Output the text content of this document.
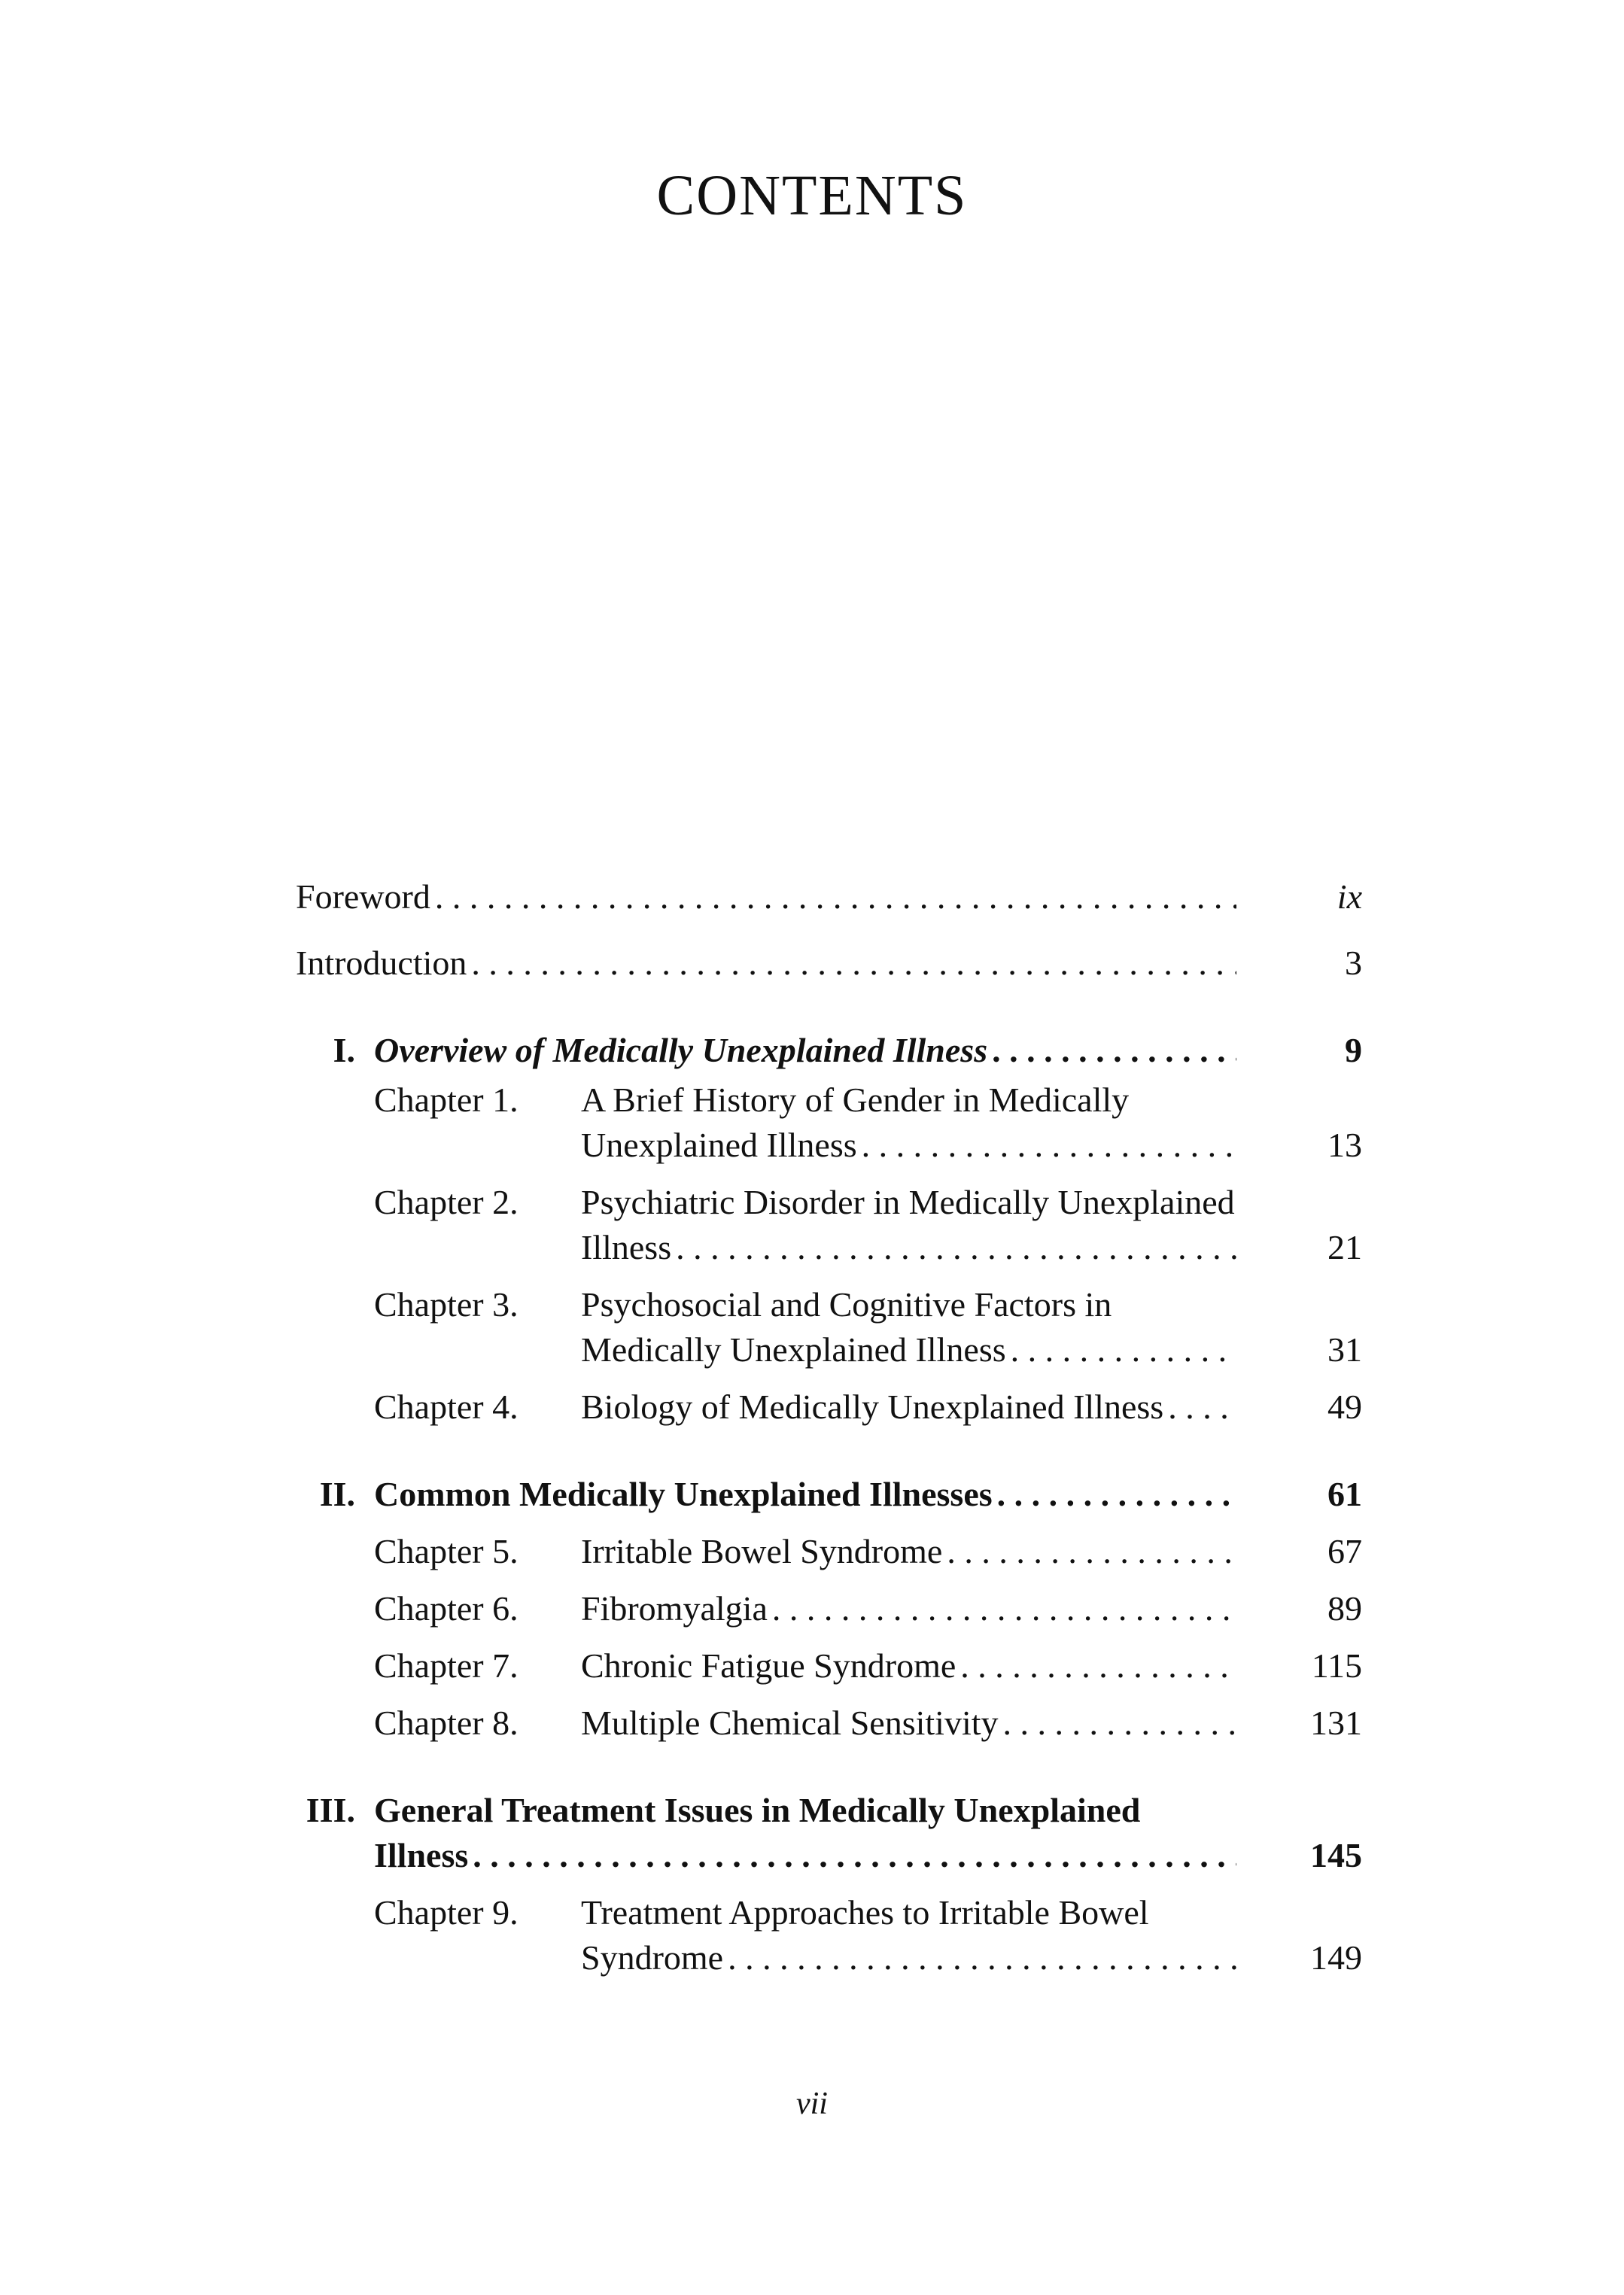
CONTENTS
Foreword . . .	ix
Introduction . . .	3
I. Overview of Medically Unexplained Illness . . .	9
Chapter 1. A Brief History of Gender in Medically
Unexplained Illness . . .	13
Chapter 2. Psychiatric Disorder in Medically Unexplained
Illness . . .	21
Chapter 3. Psychosocial and Cognitive Factors in
Medically Unexplained Illness . . .	31
Chapter 4. Biology of Medically Unexplained Illness . . .	49
II. Common Medically Unexplained Illnesses . . .	61
Chapter 5. Irritable Bowel Syndrome . . .	67
Chapter 6. Fibromyalgia . . .	89
Chapter 7. Chronic Fatigue Syndrome . . .	115
Chapter 8. Multiple Chemical Sensitivity . . .	131
III. General Treatment Issues in Medically Unexplained
Illness . . .	145
Chapter 9. Treatment Approaches to Irritable Bowel
Syndrome . . .	149
vii
